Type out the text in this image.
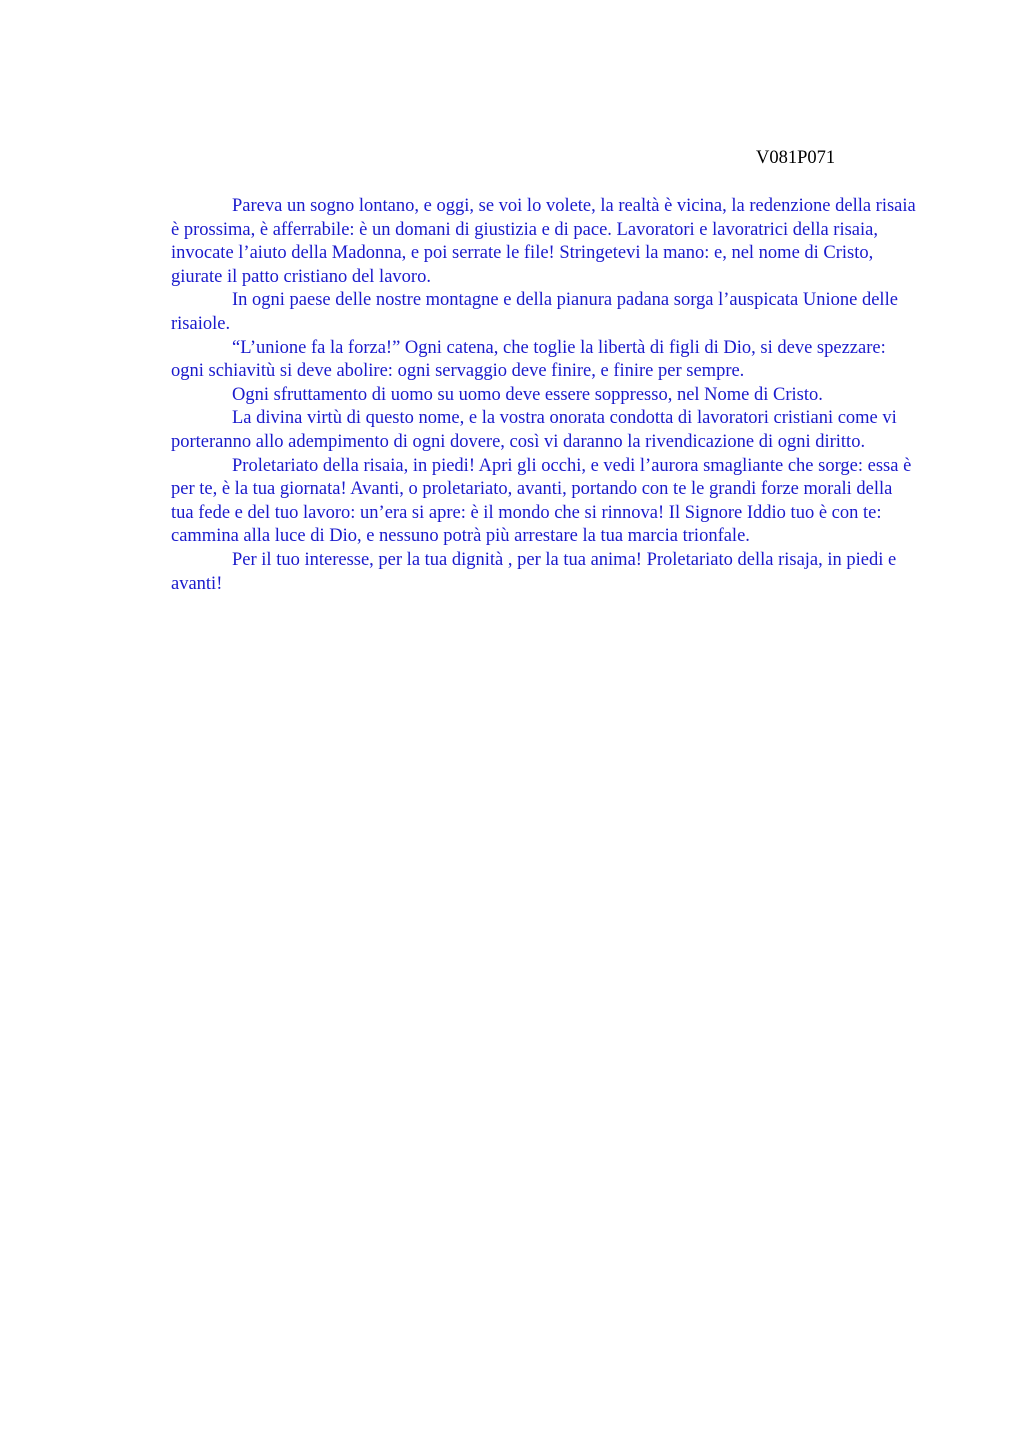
V081P071

Pareva un sogno lontano, e oggi, se voi lo volete, la realtà è vicina, la redenzione della risaia è prossima, è afferrabile: è un domani di giustizia e di pace. Lavoratori e lavoratrici della risaia, invocate l’aiuto della Madonna, e poi serrate le file! Stringetevi la mano: e, nel nome di Cristo, giurate il patto cristiano del lavoro.

In ogni paese delle nostre montagne e della pianura padana sorga l’auspicata Unione delle risaiole.

“L’unione fa la forza!” Ogni catena, che toglie la libertà di figli di Dio, si deve spezzare: ogni schiavitù si deve abolire: ogni servaggio deve finire, e finire per sempre.

Ogni sfruttamento di uomo su uomo deve essere soppresso, nel Nome di Cristo.

La divina virtù di questo nome, e la vostra onorata condotta di lavoratori cristiani come vi porteranno allo adempimento di ogni dovere, così vi daranno la rivendicazione di ogni diritto.

Proletariato della risaia, in piedi! Apri gli occhi, e vedi l’aurora smagliante che sorge: essa è per te, è la tua giornata! Avanti, o proletariato, avanti, portando con te le grandi forze morali della tua fede e del tuo lavoro: un’era si apre: è il mondo che si rinnova! Il Signore Iddio tuo è con te: cammina alla luce di Dio, e nessuno potrà più arrestare la tua marcia trionfale.

Per il tuo interesse, per la tua dignità , per la tua anima! Proletariato della risaja, in piedi e avanti!
